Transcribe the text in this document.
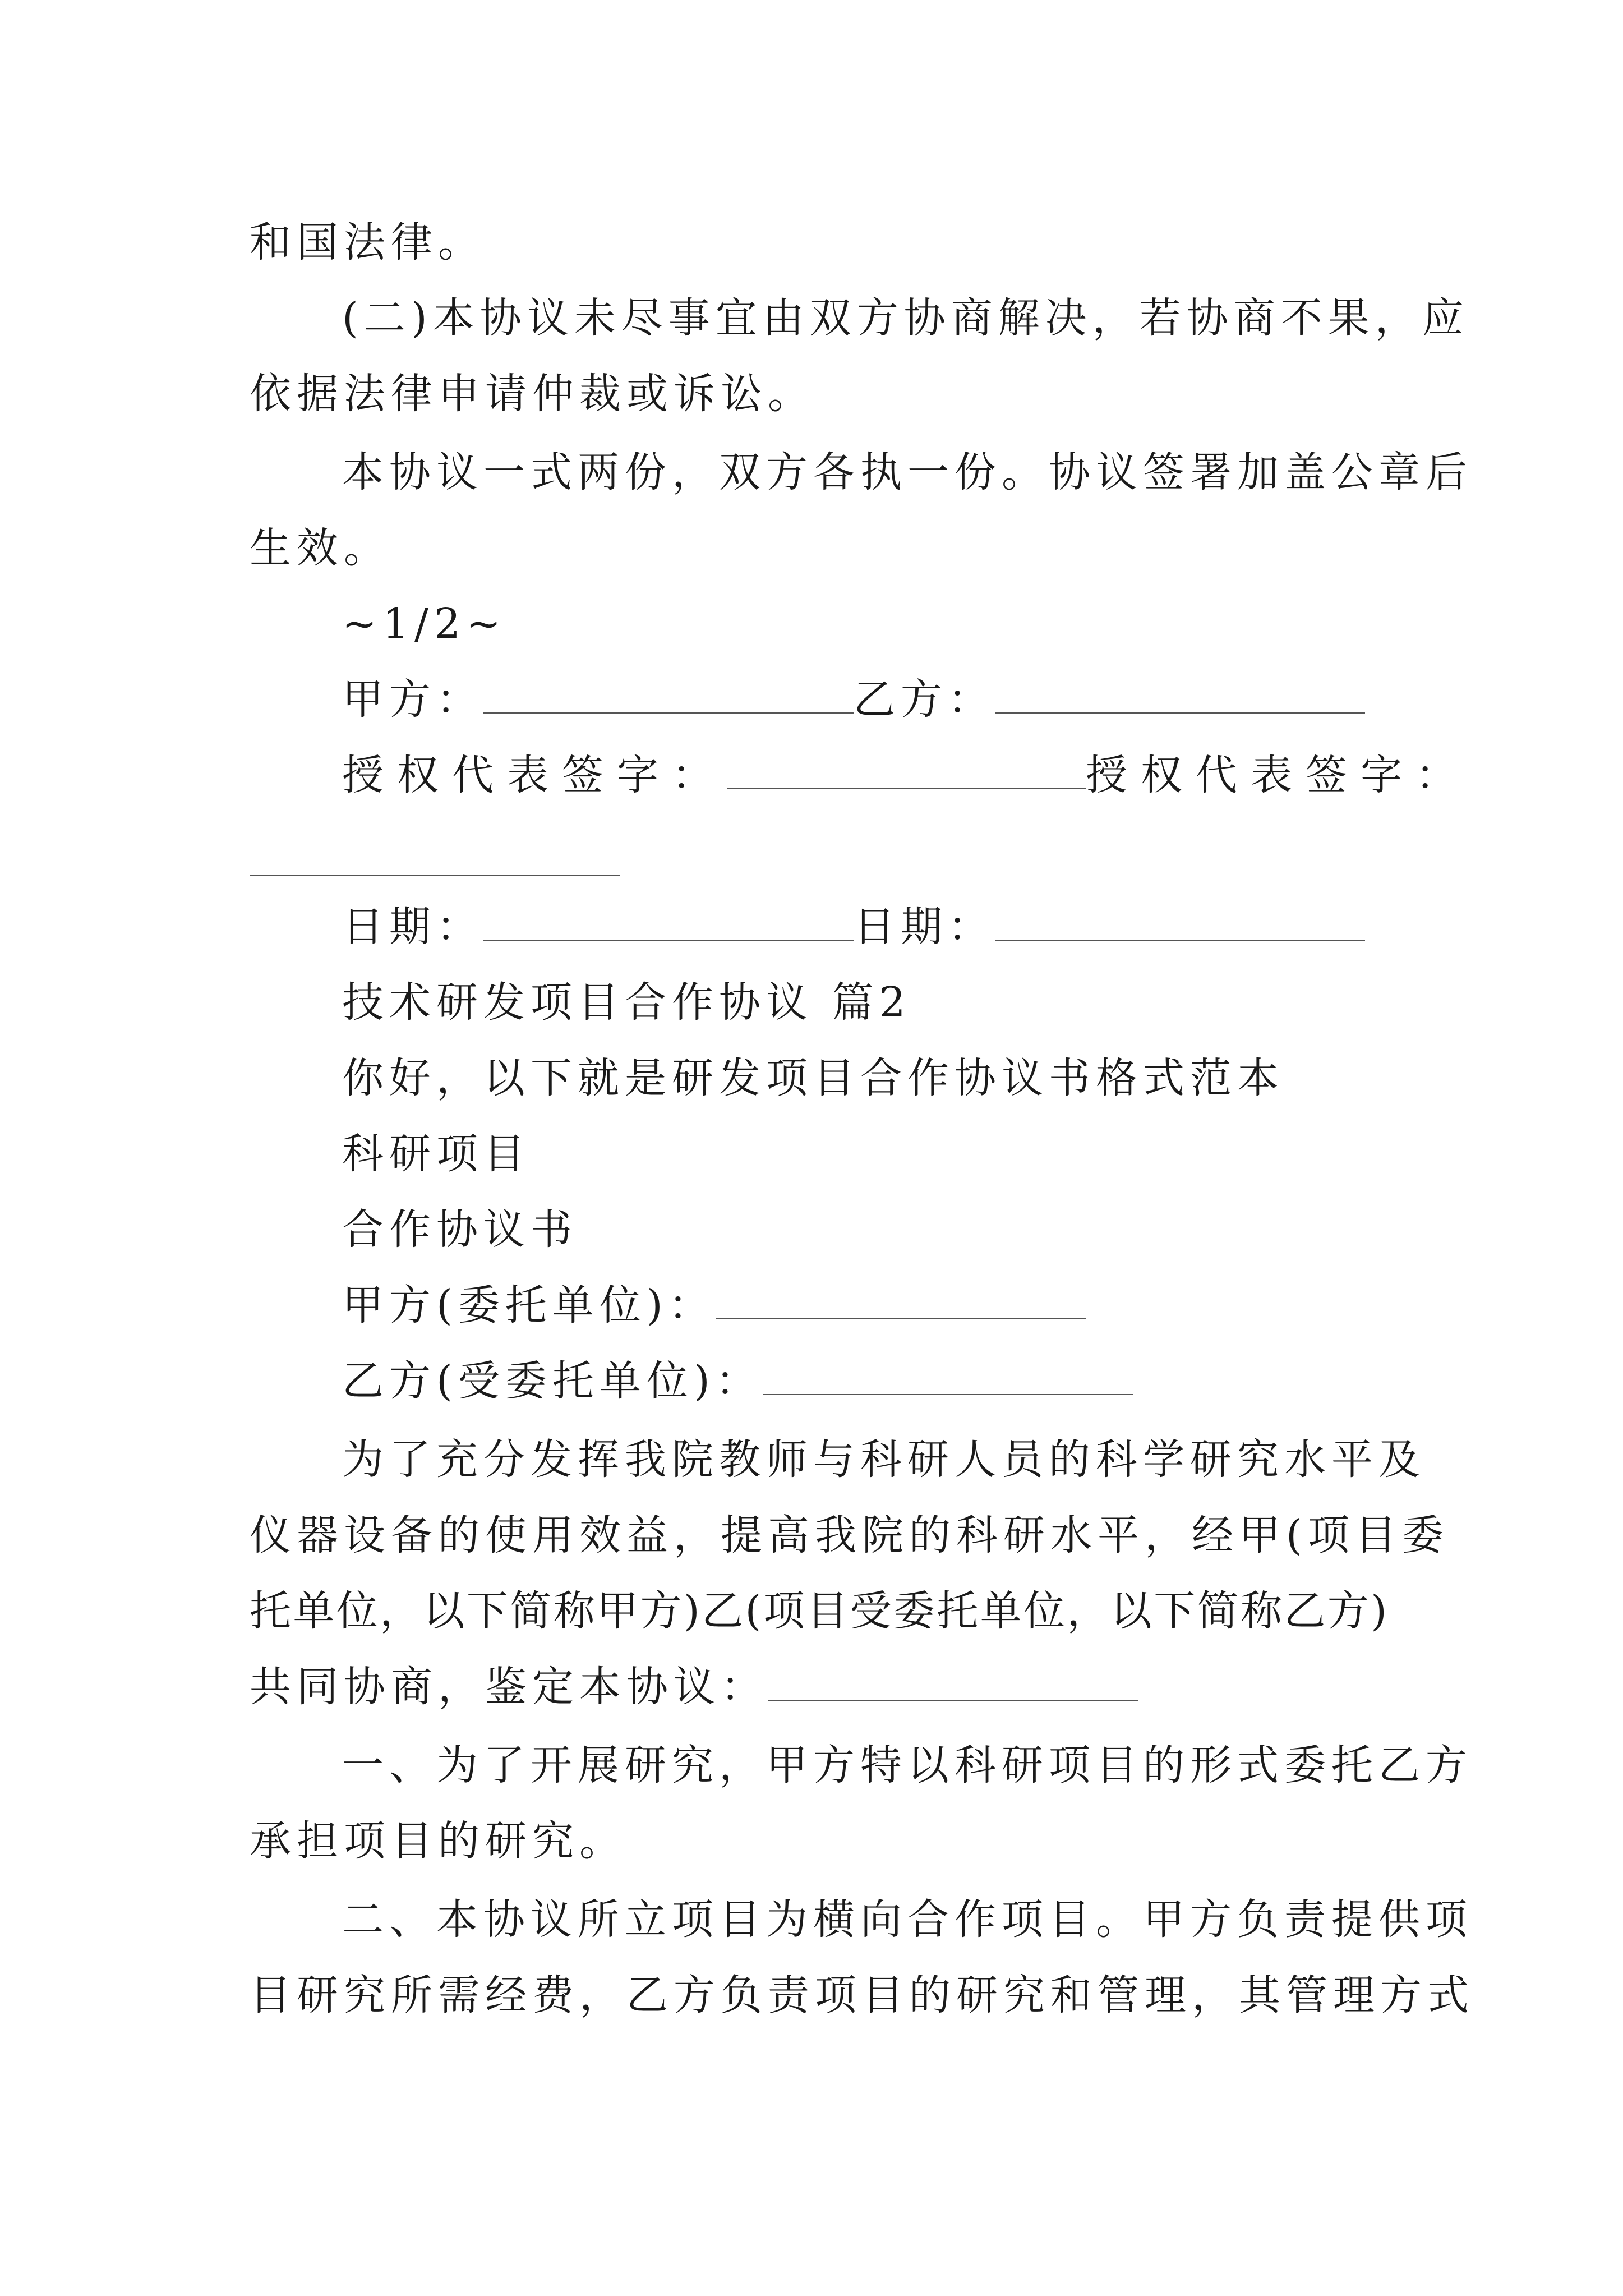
和国法律。
(二)本协议未尽事宜由双方协商解决，若协商不果，应
依据法律申请仲裁或诉讼。
本协议一式两份，双方各执一份。协议签署加盖公章后
生效。
~1/2~
甲方：	乙方：
授权代表签字：	授权代表签字：
日期：	日期：
技术研发项目合作协议 篇2
你好，以下就是研发项目合作协议书格式范本
科研项目
合作协议书
甲方(委托单位)：
乙方(受委托单位)：
为了充分发挥我院教师与科研人员的科学研究水平及
仪器设备的使用效益，提高我院的科研水平，经甲(项目委
托单位，以下简称甲方)乙(项目受委托单位，以下简称乙方)
共同协商，鉴定本协议：
一、为了开展研究，甲方特以科研项目的形式委托乙方
承担项目的研究。
二、本协议所立项目为横向合作项目。甲方负责提供项
目研究所需经费，乙方负责项目的研究和管理，其管理方式
